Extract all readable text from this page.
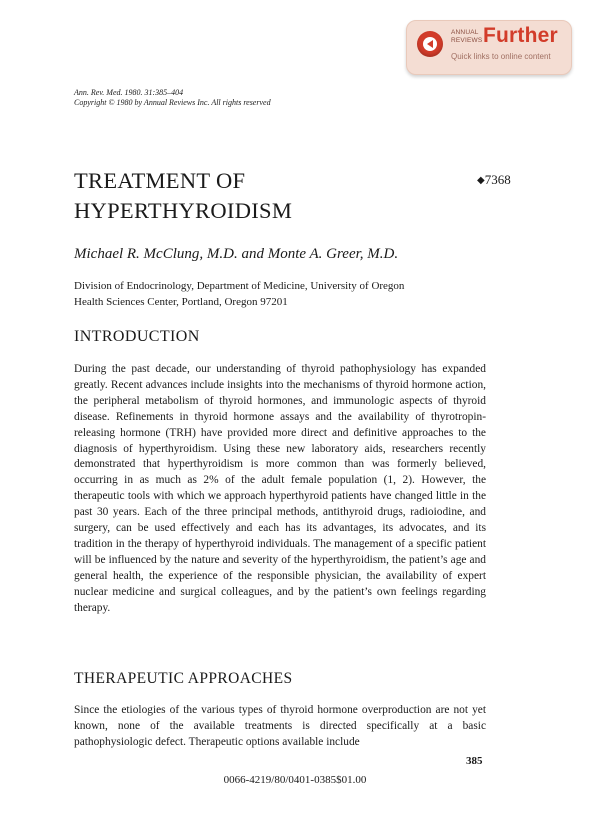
ANNUAL
REVIEWS Further
Quick links to online content
Ann. Rev. Med. 1980. 31:385–404
Copyright © 1980 by Annual Reviews Inc. All rights reserved
TREATMENT OF
HYPERTHYROIDISM
◆7368
Michael R. McClung, M.D. and Monte A. Greer, M.D.
Division of Endocrinology, Department of Medicine, University of Oregon
Health Sciences Center, Portland, Oregon 97201
INTRODUCTION

During the past decade, our understanding of thyroid pathophysiology has expanded greatly. Recent advances include insights into the mechanisms of thyroid hormone action, the peripheral metabolism of thyroid hormones, and immunologic aspects of thyroid disease. Refinements in thyroid hormone assays and the availability of thyrotropin-releasing hormone (TRH) have provided more direct and definitive approaches to the diagnosis of hyperthyroidism. Using these new laboratory aids, researchers recently demonstrated that hyperthyroidism is more common than was formerly believed, occurring in as much as 2% of the adult female population (1, 2). However, the therapeutic tools with which we approach hyperthyroid patients have changed little in the past 30 years. Each of the three principal methods, antithyroid drugs, radioiodine, and surgery, can be used effectively and each has its advantages, its advocates, and its tradition in the therapy of hyperthyroid individuals. The management of a specific patient will be influenced by the nature and severity of the hyperthyroidism, the patient’s age and general health, the experience of the responsible physician, the availability of expert nuclear medicine and surgical colleagues, and by the patient’s own feelings regarding therapy.

THERAPEUTIC APPROACHES

Since the etiologies of the various types of thyroid hormone overproduction are not yet known, none of the available treatments is directed specifically at a basic pathophysiologic defect. Therapeutic options available include

385
0066-4219/80/0401-0385$01.00
